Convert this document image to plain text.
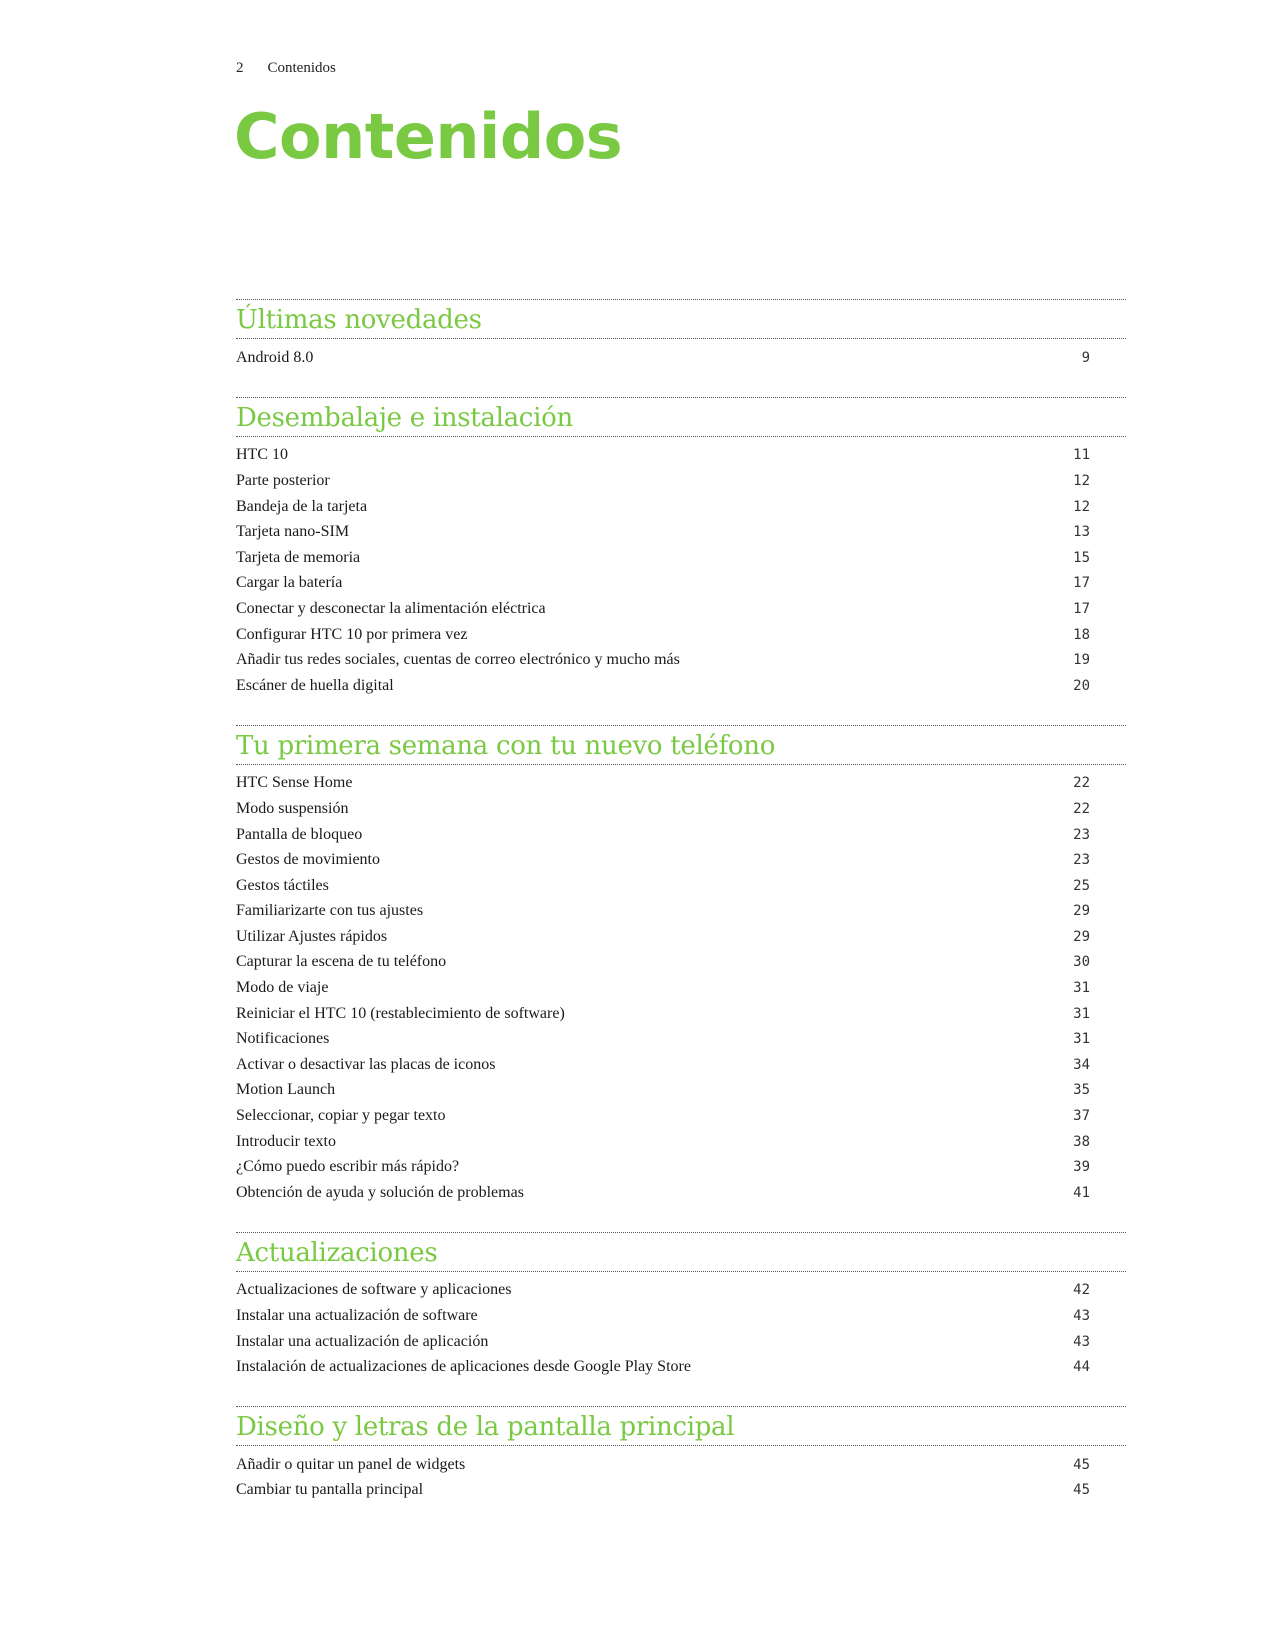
2 Contenidos
Contenidos
Últimas novedades
Android 8.0	9
Desembalaje e instalación
HTC 10	11
Parte posterior	12
Bandeja de la tarjeta	12
Tarjeta nano-SIM	13
Tarjeta de memoria	15
Cargar la batería	17
Conectar y desconectar la alimentación eléctrica	17
Configurar HTC 10 por primera vez	18
Añadir tus redes sociales, cuentas de correo electrónico y mucho más	19
Escáner de huella digital	20
Tu primera semana con tu nuevo teléfono
HTC Sense Home	22
Modo suspensión	22
Pantalla de bloqueo	23
Gestos de movimiento	23
Gestos táctiles	25
Familiarizarte con tus ajustes	29
Utilizar Ajustes rápidos	29
Capturar la escena de tu teléfono	30
Modo de viaje	31
Reiniciar el HTC 10 (restablecimiento de software)	31
Notificaciones	31
Activar o desactivar las placas de iconos	34
Motion Launch	35
Seleccionar, copiar y pegar texto	37
Introducir texto	38
¿Cómo puedo escribir más rápido?	39
Obtención de ayuda y solución de problemas	41
Actualizaciones
Actualizaciones de software y aplicaciones	42
Instalar una actualización de software	43
Instalar una actualización de aplicación	43
Instalación de actualizaciones de aplicaciones desde Google Play Store	44
Diseño y letras de la pantalla principal
Añadir o quitar un panel de widgets	45
Cambiar tu pantalla principal	45
